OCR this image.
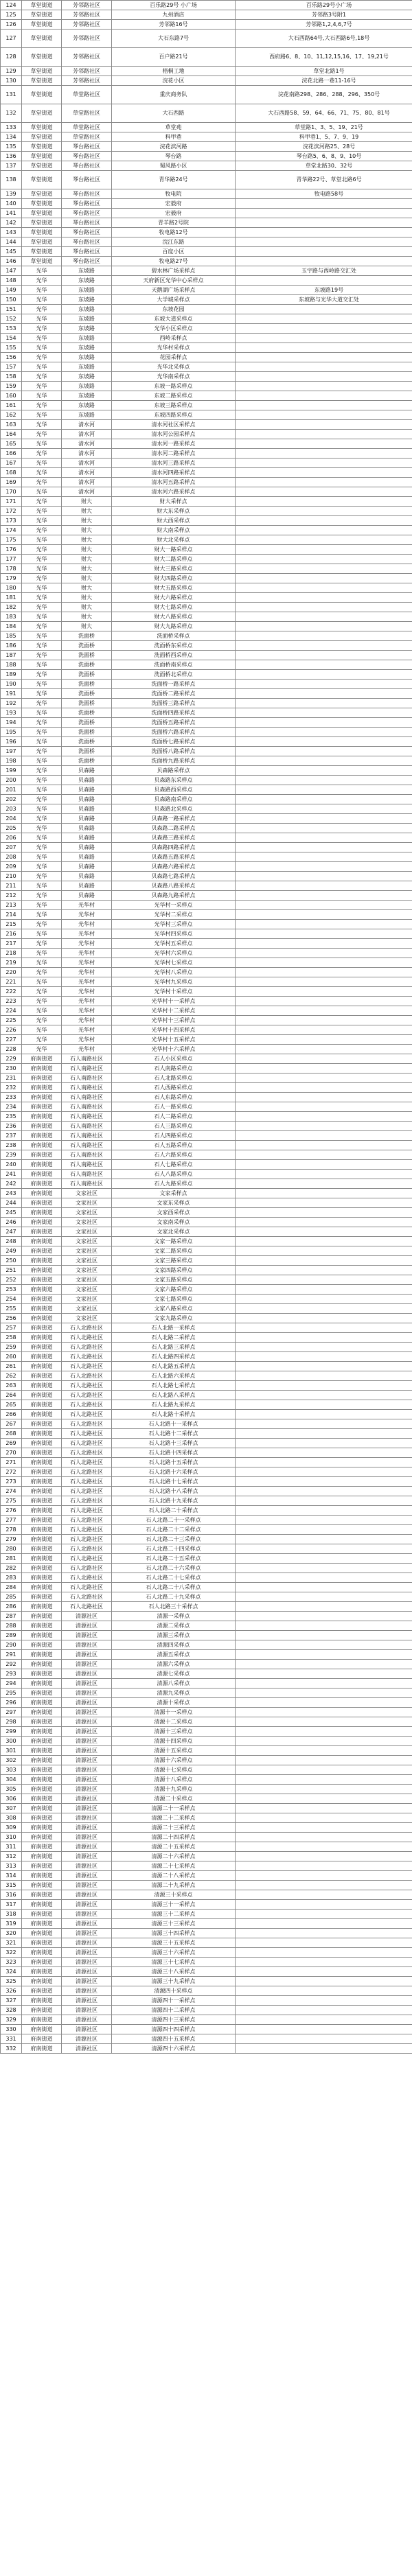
124	草堂街道	芳邻路社区	百乐路29号 小广场	百乐路29号小广场
125	草堂街道	芳邻路社区	九州酒店	芳邻路3号附1
126	草堂街道	芳邻路社区	芳邻路16号	芳邻路1,2,4,6,7号
127	草堂街道	芳邻路社区	大石东路7号	大石西路64号,大石西路6号,18号
128	草堂街道	芳邻路社区	百户路21号	西府路6、8、10、11,12,15,16、17、19,21号
129	草堂街道	芳邻路社区	梧桐工地	草堂北路1号
130	草堂街道	芳邻路社区	浣花小区	浣花北路一巷11-16号
131	草堂街道	草堂路社区	重庆商务队	浣花南路298、286、288、296、350号
132	草堂街道	草堂路社区	大石西路	大石西路58、59、64、66、71、75、80、81号
133	草堂街道	草堂路社区	草堂苑	草堂路1、3、5、19、21号
134	草堂街道	草堂路社区	科甲巷	科甲巷1、5、7、9、19
135	草堂街道	琴台路社区	浣花滨河路	浣花滨河路25、28号
136	草堂街道	琴台路社区	琴台路	琴台路5、6、8、9、10号
137	草堂街道	琴台路社区	蜀风路小区	草堂北路30、32号
138	草堂街道	琴台路社区	青华路24号	青华路22号、草堂北路6号
139	草堂街道	琴台路社区	牧电院	牧电路58号
140	草堂街道	琴台路社区	宏毅府	
141	草堂街道	琴台路社区	宏毅府	
142	草堂街道	琴台路社区	青羊路2号院	
143	草堂街道	琴台路社区	牧电路12号	
144	草堂街道	琴台路社区	浣江东路	
145	草堂街道	琴台路社区	百度小区	
146	草堂街道	琴台路社区	牧电路27号	
147	光华	东坡路	碧水林广场采样点	玉宇路与西岭路交汇处
148	光华	东坡路	天府新区光华中心采样点	
149	光华	东坡路	天鹅湖广场采样点	东坡路19号
150	光华	东坡路	大学城采样点	东坡路与光华大道交汇处
151	光华	东坡路	东坡花园	
152	光华	东坡路	东坡大道采样点	
153	光华	东坡路	光华小区采样点	
154	光华	东坡路	西岭采样点	
155	光华	东坡路	光华村采样点	
156	光华	东坡路	花园采样点	
157	光华	东坡路	光华北采样点	
158	光华	东坡路	光华南采样点	
159	光华	东坡路	东坡一路采样点	
160	光华	东坡路	东坡二路采样点	
161	光华	东坡路	东坡三路采样点	
162	光华	东坡路	东坡四路采样点	
163	光华	清水河	清水河社区采样点	
164	光华	清水河	清水河公园采样点	
165	光华	清水河	清水河一路采样点	
166	光华	清水河	清水河二路采样点	
167	光华	清水河	清水河三路采样点	
168	光华	清水河	清水河四路采样点	
169	光华	清水河	清水河五路采样点	
170	光华	清水河	清水河六路采样点	
171	光华	财大	财大采样点	
172	光华	财大	财大东采样点	
173	光华	财大	财大西采样点	
174	光华	财大	财大南采样点	
175	光华	财大	财大北采样点	
176	光华	财大	财大一路采样点	
177	光华	财大	财大二路采样点	
178	光华	财大	财大三路采样点	
179	光华	财大	财大四路采样点	
180	光华	财大	财大五路采样点	
181	光华	财大	财大六路采样点	
182	光华	财大	财大七路采样点	
183	光华	财大	财大八路采样点	
184	光华	财大	财大九路采样点	
185	光华	洗面桥	洗面桥采样点	
186	光华	洗面桥	洗面桥东采样点	
187	光华	洗面桥	洗面桥西采样点	
188	光华	洗面桥	洗面桥南采样点	
189	光华	洗面桥	洗面桥北采样点	
190	光华	洗面桥	洗面桥一路采样点	
191	光华	洗面桥	洗面桥二路采样点	
192	光华	洗面桥	洗面桥三路采样点	
193	光华	洗面桥	洗面桥四路采样点	
194	光华	洗面桥	洗面桥五路采样点	
195	光华	洗面桥	洗面桥六路采样点	
196	光华	洗面桥	洗面桥七路采样点	
197	光华	洗面桥	洗面桥八路采样点	
198	光华	洗面桥	洗面桥九路采样点	
199	光华	贝森路	贝森路采样点	
200	光华	贝森路	贝森路东采样点	
201	光华	贝森路	贝森路西采样点	
202	光华	贝森路	贝森路南采样点	
203	光华	贝森路	贝森路北采样点	
204	光华	贝森路	贝森路一路采样点	
205	光华	贝森路	贝森路二路采样点	
206	光华	贝森路	贝森路三路采样点	
207	光华	贝森路	贝森路四路采样点	
208	光华	贝森路	贝森路五路采样点	
209	光华	贝森路	贝森路六路采样点	
210	光华	贝森路	贝森路七路采样点	
211	光华	贝森路	贝森路八路采样点	
212	光华	贝森路	贝森路九路采样点	
213	光华	光华村	光华村一采样点	
214	光华	光华村	光华村二采样点	
215	光华	光华村	光华村三采样点	
216	光华	光华村	光华村四采样点	
217	光华	光华村	光华村五采样点	
218	光华	光华村	光华村六采样点	
219	光华	光华村	光华村七采样点	
220	光华	光华村	光华村八采样点	
221	光华	光华村	光华村九采样点	
222	光华	光华村	光华村十采样点	
223	光华	光华村	光华村十一采样点	
224	光华	光华村	光华村十二采样点	
225	光华	光华村	光华村十三采样点	
226	光华	光华村	光华村十四采样点	
227	光华	光华村	光华村十五采样点	
228	光华	光华村	光华村十六采样点	
229	府南街道	石人南路社区	石人小区采样点	
230	府南街道	石人南路社区	石人南路采样点	
231	府南街道	石人南路社区	石人北路采样点	
232	府南街道	石人南路社区	石人西路采样点	
233	府南街道	石人南路社区	石人东路采样点	
234	府南街道	石人南路社区	石人一路采样点	
235	府南街道	石人南路社区	石人二路采样点	
236	府南街道	石人南路社区	石人三路采样点	
237	府南街道	石人南路社区	石人四路采样点	
238	府南街道	石人南路社区	石人五路采样点	
239	府南街道	石人南路社区	石人六路采样点	
240	府南街道	石人南路社区	石人七路采样点	
241	府南街道	石人南路社区	石人八路采样点	
242	府南街道	石人南路社区	石人九路采样点	
243	府南街道	文家社区	文家采样点	
244	府南街道	文家社区	文家东采样点	
245	府南街道	文家社区	文家西采样点	
246	府南街道	文家社区	文家南采样点	
247	府南街道	文家社区	文家北采样点	
248	府南街道	文家社区	文家一路采样点	
249	府南街道	文家社区	文家二路采样点	
250	府南街道	文家社区	文家三路采样点	
251	府南街道	文家社区	文家四路采样点	
252	府南街道	文家社区	文家五路采样点	
253	府南街道	文家社区	文家六路采样点	
254	府南街道	文家社区	文家七路采样点	
255	府南街道	文家社区	文家八路采样点	
256	府南街道	文家社区	文家九路采样点	
257	府南街道	石人北路社区	石人北路一采样点	
258	府南街道	石人北路社区	石人北路二采样点	
259	府南街道	石人北路社区	石人北路三采样点	
260	府南街道	石人北路社区	石人北路四采样点	
261	府南街道	石人北路社区	石人北路五采样点	
262	府南街道	石人北路社区	石人北路六采样点	
263	府南街道	石人北路社区	石人北路七采样点	
264	府南街道	石人北路社区	石人北路八采样点	
265	府南街道	石人北路社区	石人北路九采样点	
266	府南街道	石人北路社区	石人北路十采样点	
267	府南街道	石人北路社区	石人北路十一采样点	
268	府南街道	石人北路社区	石人北路十二采样点	
269	府南街道	石人北路社区	石人北路十三采样点	
270	府南街道	石人北路社区	石人北路十四采样点	
271	府南街道	石人北路社区	石人北路十五采样点	
272	府南街道	石人北路社区	石人北路十六采样点	
273	府南街道	石人北路社区	石人北路十七采样点	
274	府南街道	石人北路社区	石人北路十八采样点	
275	府南街道	石人北路社区	石人北路十九采样点	
276	府南街道	石人北路社区	石人北路二十采样点	
277	府南街道	石人北路社区	石人北路二十一采样点	
278	府南街道	石人北路社区	石人北路二十二采样点	
279	府南街道	石人北路社区	石人北路二十三采样点	
280	府南街道	石人北路社区	石人北路二十四采样点	
281	府南街道	石人北路社区	石人北路二十五采样点	
282	府南街道	石人北路社区	石人北路二十六采样点	
283	府南街道	石人北路社区	石人北路二十七采样点	
284	府南街道	石人北路社区	石人北路二十八采样点	
285	府南街道	石人北路社区	石人北路二十九采样点	
286	府南街道	石人北路社区	石人北路三十采样点	
287	府南街道	清源社区	清源一采样点	
288	府南街道	清源社区	清源二采样点	
289	府南街道	清源社区	清源三采样点	
290	府南街道	清源社区	清源四采样点	
291	府南街道	清源社区	清源五采样点	
292	府南街道	清源社区	清源六采样点	
293	府南街道	清源社区	清源七采样点	
294	府南街道	清源社区	清源八采样点	
295	府南街道	清源社区	清源九采样点	
296	府南街道	清源社区	清源十采样点	
297	府南街道	清源社区	清源十一采样点	
298	府南街道	清源社区	清源十二采样点	
299	府南街道	清源社区	清源十三采样点	
300	府南街道	清源社区	清源十四采样点	
301	府南街道	清源社区	清源十五采样点	
302	府南街道	清源社区	清源十六采样点	
303	府南街道	清源社区	清源十七采样点	
304	府南街道	清源社区	清源十八采样点	
305	府南街道	清源社区	清源十九采样点	
306	府南街道	清源社区	清源二十采样点	
307	府南街道	清源社区	清源二十一采样点	
308	府南街道	清源社区	清源二十二采样点	
309	府南街道	清源社区	清源二十三采样点	
310	府南街道	清源社区	清源二十四采样点	
311	府南街道	清源社区	清源二十五采样点	
312	府南街道	清源社区	清源二十六采样点	
313	府南街道	清源社区	清源二十七采样点	
314	府南街道	清源社区	清源二十八采样点	
315	府南街道	清源社区	清源二十九采样点	
316	府南街道	清源社区	清源三十采样点	
317	府南街道	清源社区	清源三十一采样点	
318	府南街道	清源社区	清源三十二采样点	
319	府南街道	清源社区	清源三十三采样点	
320	府南街道	清源社区	清源三十四采样点	
321	府南街道	清源社区	清源三十五采样点	
322	府南街道	清源社区	清源三十六采样点	
323	府南街道	清源社区	清源三十七采样点	
324	府南街道	清源社区	清源三十八采样点	
325	府南街道	清源社区	清源三十九采样点	
326	府南街道	清源社区	清源四十采样点	
327	府南街道	清源社区	清源四十一采样点	
328	府南街道	清源社区	清源四十二采样点	
329	府南街道	清源社区	清源四十三采样点	
330	府南街道	清源社区	清源四十四采样点	
331	府南街道	清源社区	清源四十五采样点	
332	府南街道	清源社区	清源四十六采样点	
